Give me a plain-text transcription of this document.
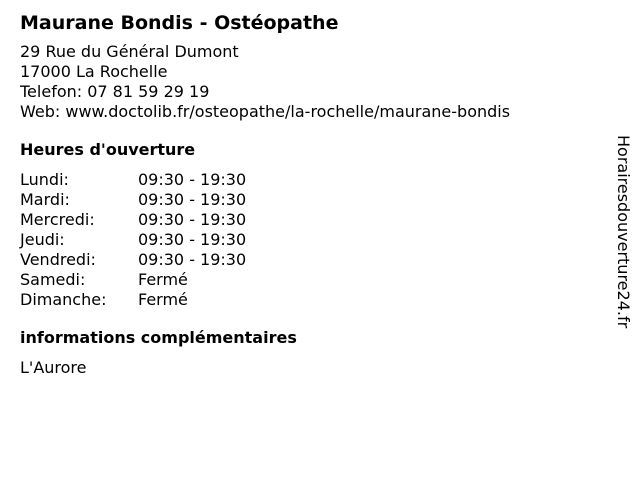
Maurane Bondis - Ostéopathe
29 Rue du Général Dumont
17000 La Rochelle
Telefon: 07 81 59 29 19
Web: www.doctolib.fr/osteopathe/la-rochelle/maurane-bondis
Heures d'ouverture
Lundi:	09:30 - 19:30
Mardi:	09:30 - 19:30
Mercredi:	09:30 - 19:30
Jeudi:	09:30 - 19:30
Vendredi:	09:30 - 19:30
Samedi:	Fermé
Dimanche:	Fermé
informations complémentaires
L'Aurore
Horairesdouverture24.fr
